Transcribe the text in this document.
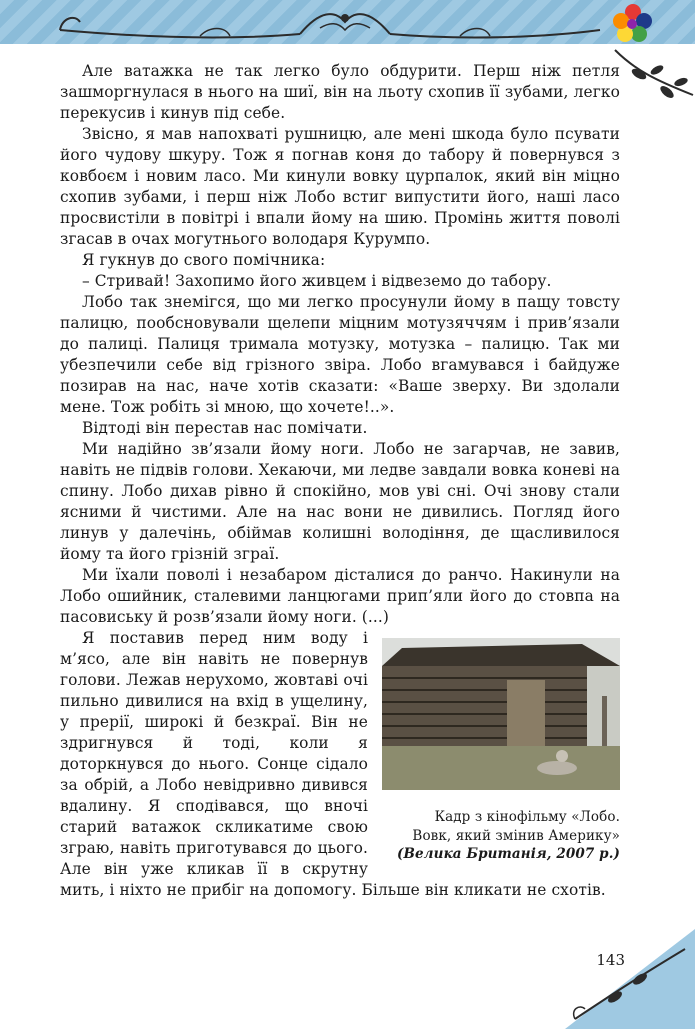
Але ватажка не так легко було обдурити. Перш ніж петля зашморгнулася в нього на шиї, він на льоту схопив її зубами, легко перекусив і кинув під себе.

Звісно, я мав напохваті рушницю, але мені шкода було псувати його чудову шкуру. Тож я погнав коня до табору й повернувся з ковбоєм і новим ласо. Ми кинули вовку цурпалок, який він міцно схопив зубами, і перш ніж Лобо встиг випустити його, наші ласо просвистіли в повітрі і впали йому на шию. Промінь життя поволі згасав в очах могутнього володаря Курумпо.

Я гукнув до свого помічника:

– Стривай! Захопимо його живцем і відвеземо до табору.

Лобо так знемігся, що ми легко просунули йому в пащу товсту палицю, пообсновували щелепи міцним мотузяччям і прив’язали до палиці. Палиця тримала мотузку, мотузка – палицю. Так ми убезпечили себе від грізного звіра. Лобо вгамувався і байдуже позирав на нас, наче хотів сказати: «Ваше зверху. Ви здолали мене. Тож робіть зі мною, що хочете!..».

Відтоді він перестав нас помічати.

Ми надійно зв’язали йому ноги. Лобо не загарчав, не завив, навіть не підвів голови. Хекаючи, ми ледве завдали вовка коневі на спину. Лобо дихав рівно й спокійно, мов уві сні. Очі знову стали ясними й чистими. Але на нас вони не дивились. Погляд його линув у далечінь, обіймав колишні володіння, де щасливилося йому та його грізній зграї.

Ми їхали поволі і незабаром дісталися до ранчо. Накинули на Лобо ошийник, сталевими ланцюгами прип’яли його до стовпа на пасовиську й розв’язали йому ноги. (...)

Кадр з кінофільму «Лобо.
Вовк, який змінив Америку»
(Велика Британія, 2007 р.)

Я поставив перед ним воду і м’ясо, але він навіть не повернув голови. Лежав нерухомо, жовтаві очі пильно дивилися на вхід в ущелину, у прерії, широкі й безкраї. Він не здригнувся й тоді, коли я доторкнувся до нього. Сонце сідало за обрій, а Лобо невідривно дивився вдалину. Я сподівався, що вночі старий ватажок скликатиме свою зграю, навіть приготувався до цього. Але він уже кликав її в скрутну мить, і ніхто не прибіг на допомогу. Більше він кликати не схотів.

143
